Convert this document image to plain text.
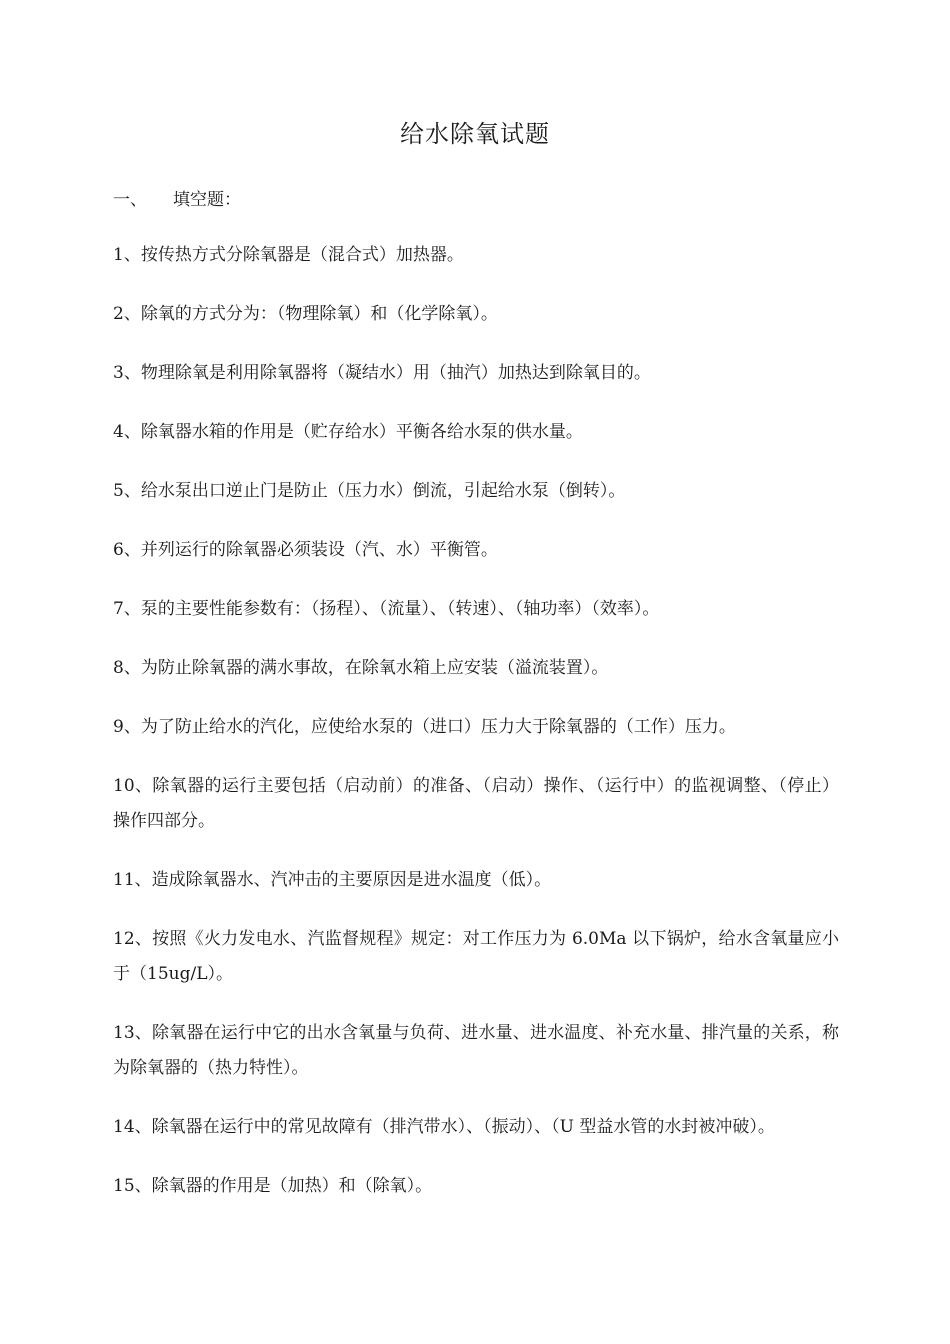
给水除氧试题
一、 填空题：
1、按传热方式分除氧器是（混合式）加热器。
2、除氧的方式分为：（物理除氧）和（化学除氧）。
3、物理除氧是利用除氧器将（凝结水）用（抽汽）加热达到除氧目的。
4、除氧器水箱的作用是（贮存给水）平衡各给水泵的供水量。
5、给水泵出口逆止门是防止（压力水）倒流，引起给水泵（倒转）。
6、并列运行的除氧器必须装设（汽、水）平衡管。
7、泵的主要性能参数有：（扬程）、（流量）、（转速）、（轴功率）（效率）。
8、为防止除氧器的满水事故，在除氧水箱上应安装（溢流装置）。
9、为了防止给水的汽化，应使给水泵的（进口）压力大于除氧器的（工作）压力。
10、除氧器的运行主要包括（启动前）的准备、（启动）操作、（运行中）的监视调整、（停止）操作四部分。
11、造成除氧器水、汽冲击的主要原因是进水温度（低）。
12、按照《火力发电水、汽监督规程》规定：对工作压力为 6.0Ma 以下锅炉，给水含氧量应小于（15ug/L）。
13、除氧器在运行中它的出水含氧量与负荷、进水量、进水温度、补充水量、排汽量的关系，称为除氧器的（热力特性）。
14、除氧器在运行中的常见故障有（排汽带水）、（振动）、（U 型益水管的水封被冲破）。
15、除氧器的作用是（加热）和（除氧）。
